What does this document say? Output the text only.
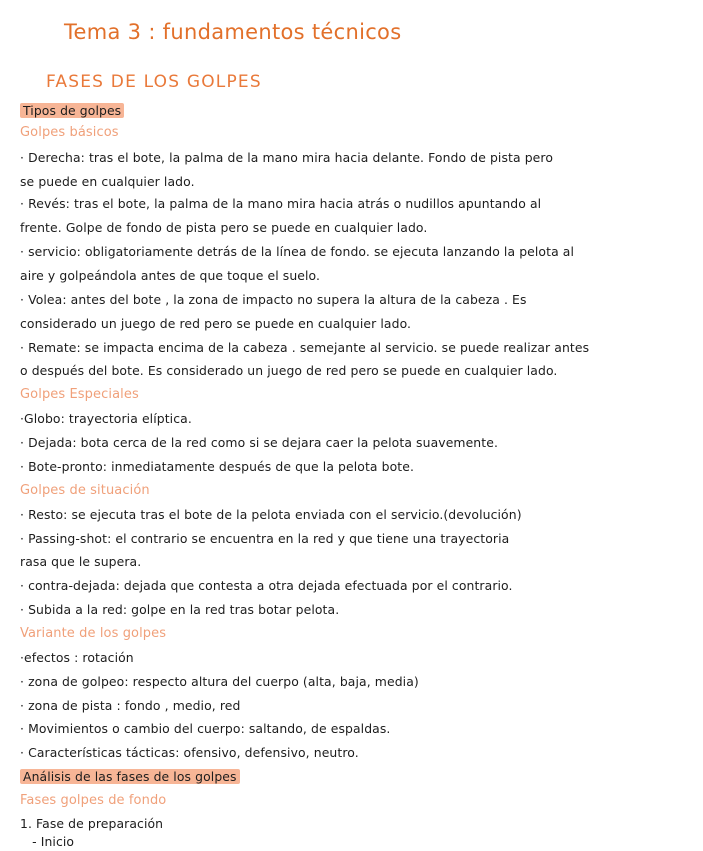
Tema 3 : fundamentos técnicos
FASES DE LOS GOLPES
Tipos de golpes
Golpes básicos
· Derecha: tras el bote, la palma de la mano mira hacia delante. Fondo de pista pero
se puede en cualquier lado.
· Revés: tras el bote, la palma de la mano mira hacia atrás o nudillos apuntando al
frente. Golpe de fondo de pista pero se puede en cualquier lado.
· servicio: obligatoriamente detrás de la línea de fondo. se ejecuta lanzando la pelota al
aire y golpeándola antes de que toque el suelo.
· Volea: antes del bote , la zona de impacto no supera la altura de la cabeza . Es
considerado un juego de red pero se puede en cualquier lado.
· Remate: se impacta encima de la cabeza . semejante al servicio. se puede realizar antes
o después del bote. Es considerado un juego de red pero se puede en cualquier lado.
Golpes Especiales
·Globo: trayectoria elíptica.
· Dejada: bota cerca de la red como si se dejara caer la pelota suavemente.
· Bote-pronto: inmediatamente después de que la pelota bote.
Golpes de situación
· Resto: se ejecuta tras el bote de la pelota enviada con el servicio.(devolución)
· Passing-shot: el contrario se encuentra en la red y que tiene una trayectoria
rasa que le supera.
· contra-dejada: dejada que contesta a otra dejada efectuada por el contrario.
· Subida a la red: golpe en la red tras botar pelota.
Variante de los golpes
·efectos : rotación
· zona de golpeo: respecto altura del cuerpo (alta, baja, media)
· zona de pista : fondo , medio, red
· Movimientos o cambio del cuerpo: saltando, de espaldas.
· Características tácticas: ofensivo, defensivo, neutro.
Análisis de las fases de los golpes
Fases golpes de fondo
1. Fase de preparación
- Inicio
